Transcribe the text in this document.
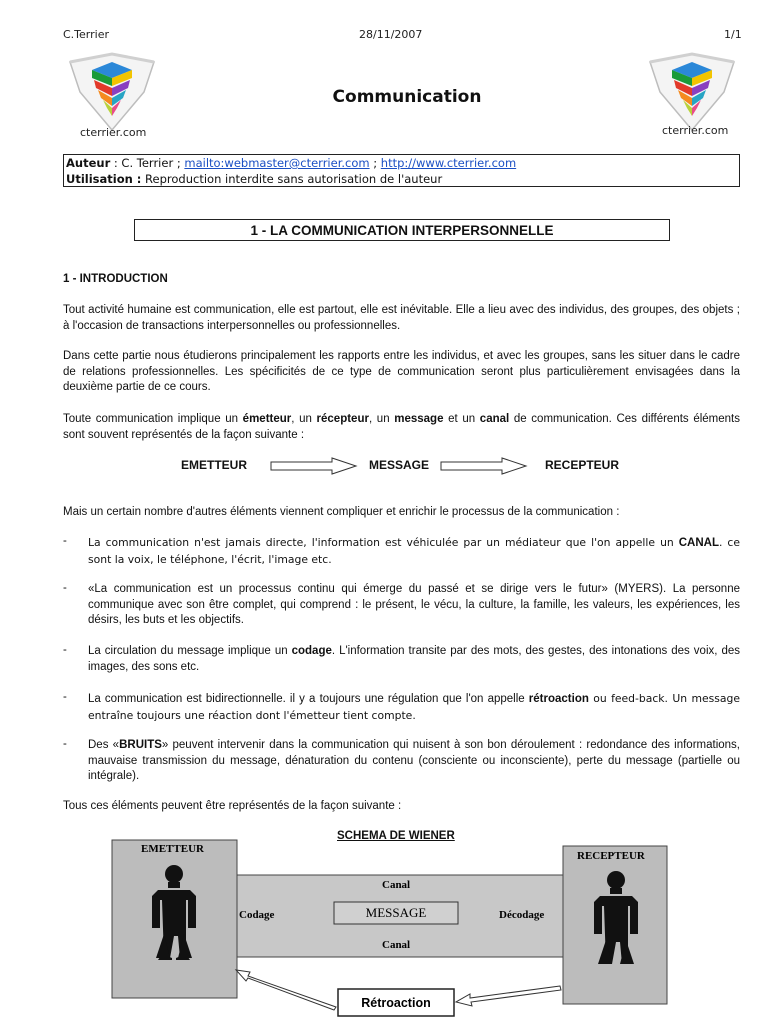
C.Terrier	28/11/2007	1/1
cterrier.com	cterrier.com
Communication
Auteur : C. Terrier ; mailto:webmaster@cterrier.com ; http://www.cterrier.com
Utilisation : Reproduction interdite sans autorisation de l'auteur
1 - LA COMMUNICATION INTERPERSONNELLE
1 - INTRODUCTION
Tout activité humaine est communication, elle est partout, elle est inévitable. Elle a lieu avec des individus, des groupes, des objets ; à l'occasion de transactions interpersonnelles ou professionnelles.
Dans cette partie nous étudierons principalement les rapports entre les individus, et avec les groupes, sans les situer dans le cadre de relations professionnelles. Les spécificités de ce type de communication seront plus particulièrement envisagées dans la deuxième partie de ce cours.
Toute communication implique un émetteur, un récepteur, un message et un canal de communication. Ces différents éléments sont souvent représentés de la façon suivante :
EMETTEUR	MESSAGE	RECEPTEUR
Mais un certain nombre d'autres éléments viennent compliquer et enrichir le processus de la communication :
- La communication n'est jamais directe, l'information est véhiculée par un médiateur que l'on appelle un CANAL. ce sont la voix, le téléphone, l'écrit, l'image etc.
- «La communication est un processus continu qui émerge du passé et se dirige vers le futur» (MYERS). La personne communique avec son être complet, qui comprend : le présent, le vécu, la culture, la famille, les valeurs, les expériences, les désirs, les buts et les objectifs.
- La circulation du message implique un codage. L'information transite par des mots, des gestes, des intonations des voix, des images, des sons etc.
- La communication est bidirectionnelle. il y a toujours une régulation que l'on appelle rétroaction ou feed-back. Un message entraîne toujours une réaction dont l'émetteur tient compte.
- Des «BRUITS» peuvent intervenir dans la communication qui nuisent à son bon déroulement : redondance des informations, mauvaise transmission du message, dénaturation du contenu (consciente ou inconsciente), perte du message (partielle ou intégrale).
Tous ces éléments peuvent être représentés de la façon suivante :
SCHEMA DE WIENER
EMETTEUR
RECEPTEUR
Canal
Canal
Codage	Décodage
MESSAGE
Rétroaction
